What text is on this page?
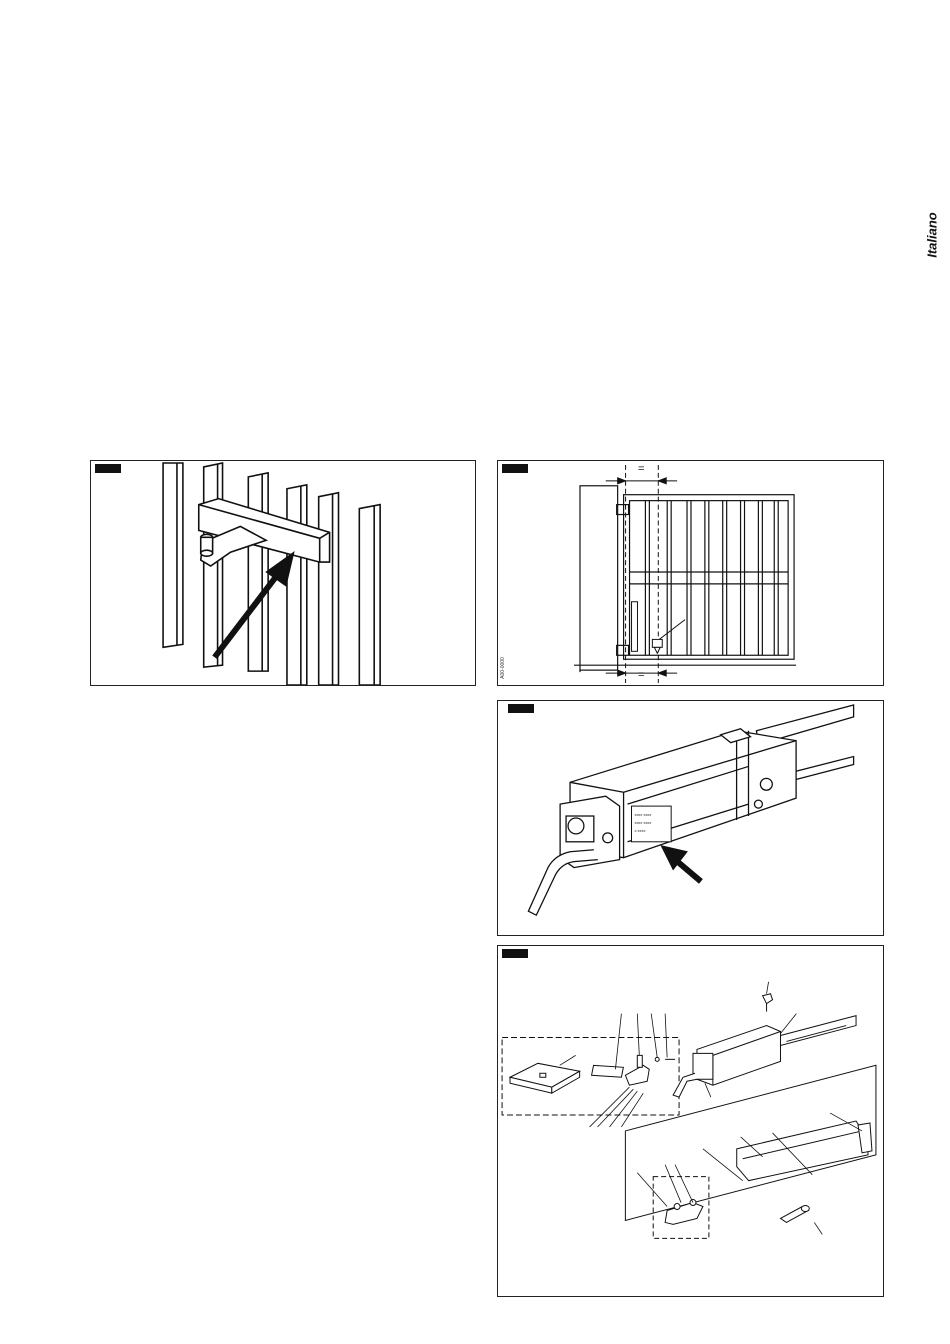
Italiano
=
=
A00-0000
xxxx xxxx
xxxx xxxx
x xxxx
